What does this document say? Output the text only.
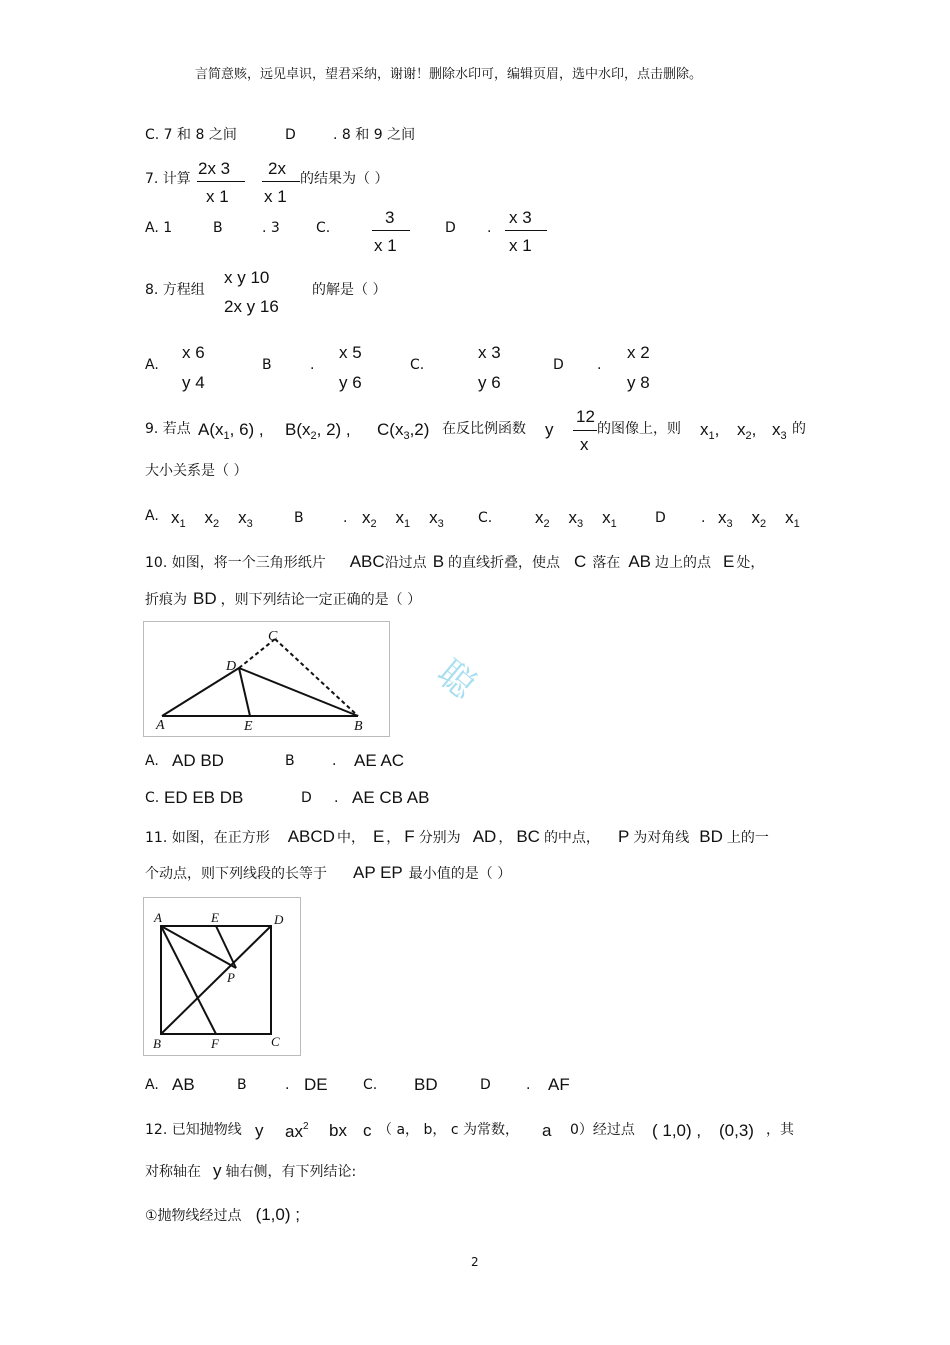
言简意赅，远见卓识，望君采纳，谢谢！删除水印可，编辑页眉，选中水印，点击删除。
C. 7 和 8 之间	D	. 8 和 9 之间
7. 计算
2x 3
x 1
2x
x 1
的结果为（ ）
A. 1	B	. 3	C.
3
x 1
D .
x 3
x 1
8. 方程组
x y 10
2x y 16
的解是（ ）
A.
x 6
y 4
B	.
x 5
y 6
C.
x 3
y 6
D .
x 2
y 8
9. 若点 $A(x_1$, 6) , $B(x_2$, 2) , $C(x_3,2)$ 在反比例函数 y
12
x
的图像上，则 $x_1$, $x_2$, $x_3$ 的
大小关系是（ ）
A. $x_1$ $x_2$ $x_3$	B	. $x_2$ $x_1$ $x_3$ C.	$x_2$ $x_3$ $x_1$	D	. $x_3$ $x_2$ $x_1$
10. 如图，将一个三角形纸片 ABC沿过点 B 的直线折叠，使点 C 落在 AB 边上的点 E 处，
折痕为 BD ，则下列结论一定正确的是（ ）
A	E	B
D
C
聪
A. AD BD	B	. AE AC
C. ED EB DB	D . AE CB AB
11. 如图，在正方形 ABCD 中， E ， F 分别为 AD ， BC 的中点， P 为对角线 BD 上的一
个动点，则下列线段的长等于 AP EP 最小值的是（ ）
A	E	D
P
B	F	C
A. AB	B	. DE	C. BD	D	. AF
12. 已知抛物线 y $ax^2$ bx c （ a， b， c 为常数， a 0）经过点 ( 1,0) , (0,3) ，其
对称轴在 y 轴右侧，有下列结论:
①抛物线经过点 (1,0) ;
2
